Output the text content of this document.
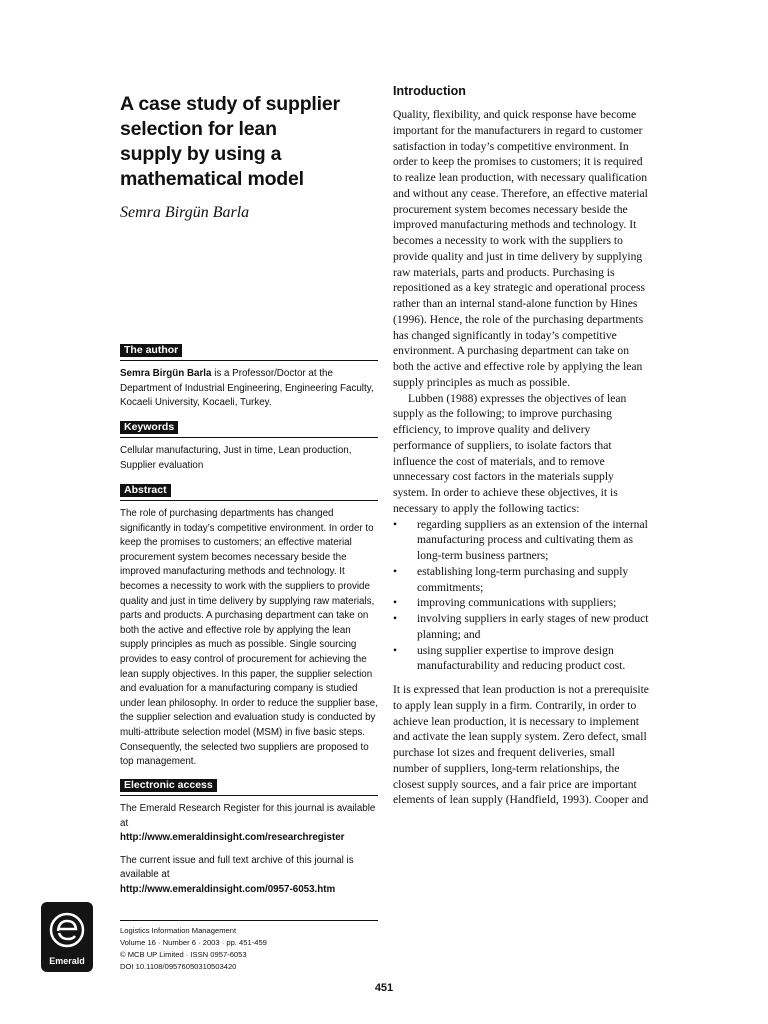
A case study of supplier
selection for lean
supply by using a
mathematical model
Semra Birgün Barla
The author

Semra Birgün Barla is a Professor/Doctor at the Department of Industrial Engineering, Engineering Faculty, Kocaeli University, Kocaeli, Turkey.

Keywords

Cellular manufacturing, Just in time, Lean production, Supplier evaluation

Abstract

The role of purchasing departments has changed significantly in today’s competitive environment. In order to keep the promises to customers; an effective material procurement system becomes necessary beside the improved manufacturing methods and technology. It becomes a necessity to work with the suppliers to provide quality and just in time delivery by supplying raw materials, parts and products. A purchasing department can take on both the active and effective role by applying the lean supply principles as much as possible. Single sourcing provides to easy control of procurement for achieving the lean supply objectives. In this paper, the supplier selection and evaluation for a manufacturing company is studied under lean philosophy. In order to reduce the supplier base, the supplier selection and evaluation study is conducted by multi-attribute selection model (MSM) in five basic steps. Consequently, the selected two suppliers are proposed to top management.

Electronic access

The Emerald Research Register for this journal is available at

http://www.emeraldinsight.com/researchregister

The current issue and full text archive of this journal is available at

http://www.emeraldinsight.com/0957-6053.htm

Emerald

Logistics Information Management

Volume 16 · Number 6 · 2003 · pp. 451-459

© MCB UP Limited · ISSN 0957-6053

DOI 10.1108/09576050310503420

Introduction

Quality, flexibility, and quick response have become important for the manufacturers in regard to customer satisfaction in today’s competitive environment. In order to keep the promises to customers; it is required to realize lean production, with necessary qualification and without any cease. Therefore, an effective material procurement system becomes necessary beside the improved manufacturing methods and technology. It becomes a necessity to work with the suppliers to provide quality and just in time delivery by supplying raw materials, parts and products. Purchasing is repositioned as a key strategic and operational process rather than an internal stand-alone function by Hines (1996). Hence, the role of the purchasing departments has changed significantly in today’s competitive environment. A purchasing department can take on both the active and effective role by applying the lean supply principles as much as possible.

Lubben (1988) expresses the objectives of lean supply as the following; to improve purchasing efficiency, to improve quality and delivery performance of suppliers, to isolate factors that influence the cost of materials, and to remove unnecessary cost factors in the materials supply system. In order to achieve these objectives, it is necessary to apply the following tactics:

• regarding suppliers as an extension of the internal manufacturing process and cultivating them as long-term business partners;
• establishing long-term purchasing and supply commitments;
• improving communications with suppliers;
• involving suppliers in early stages of new product planning; and
• using supplier expertise to improve design manufacturability and reducing product cost.

It is expressed that lean production is not a prerequisite to apply lean supply in a firm. Contrarily, in order to achieve lean production, it is necessary to implement and activate the lean supply system. Zero defect, small purchase lot sizes and frequent deliveries, small number of suppliers, long-term relationships, the closest supply sources, and a fair price are important elements of lean supply (Handfield, 1993). Cooper and

451
